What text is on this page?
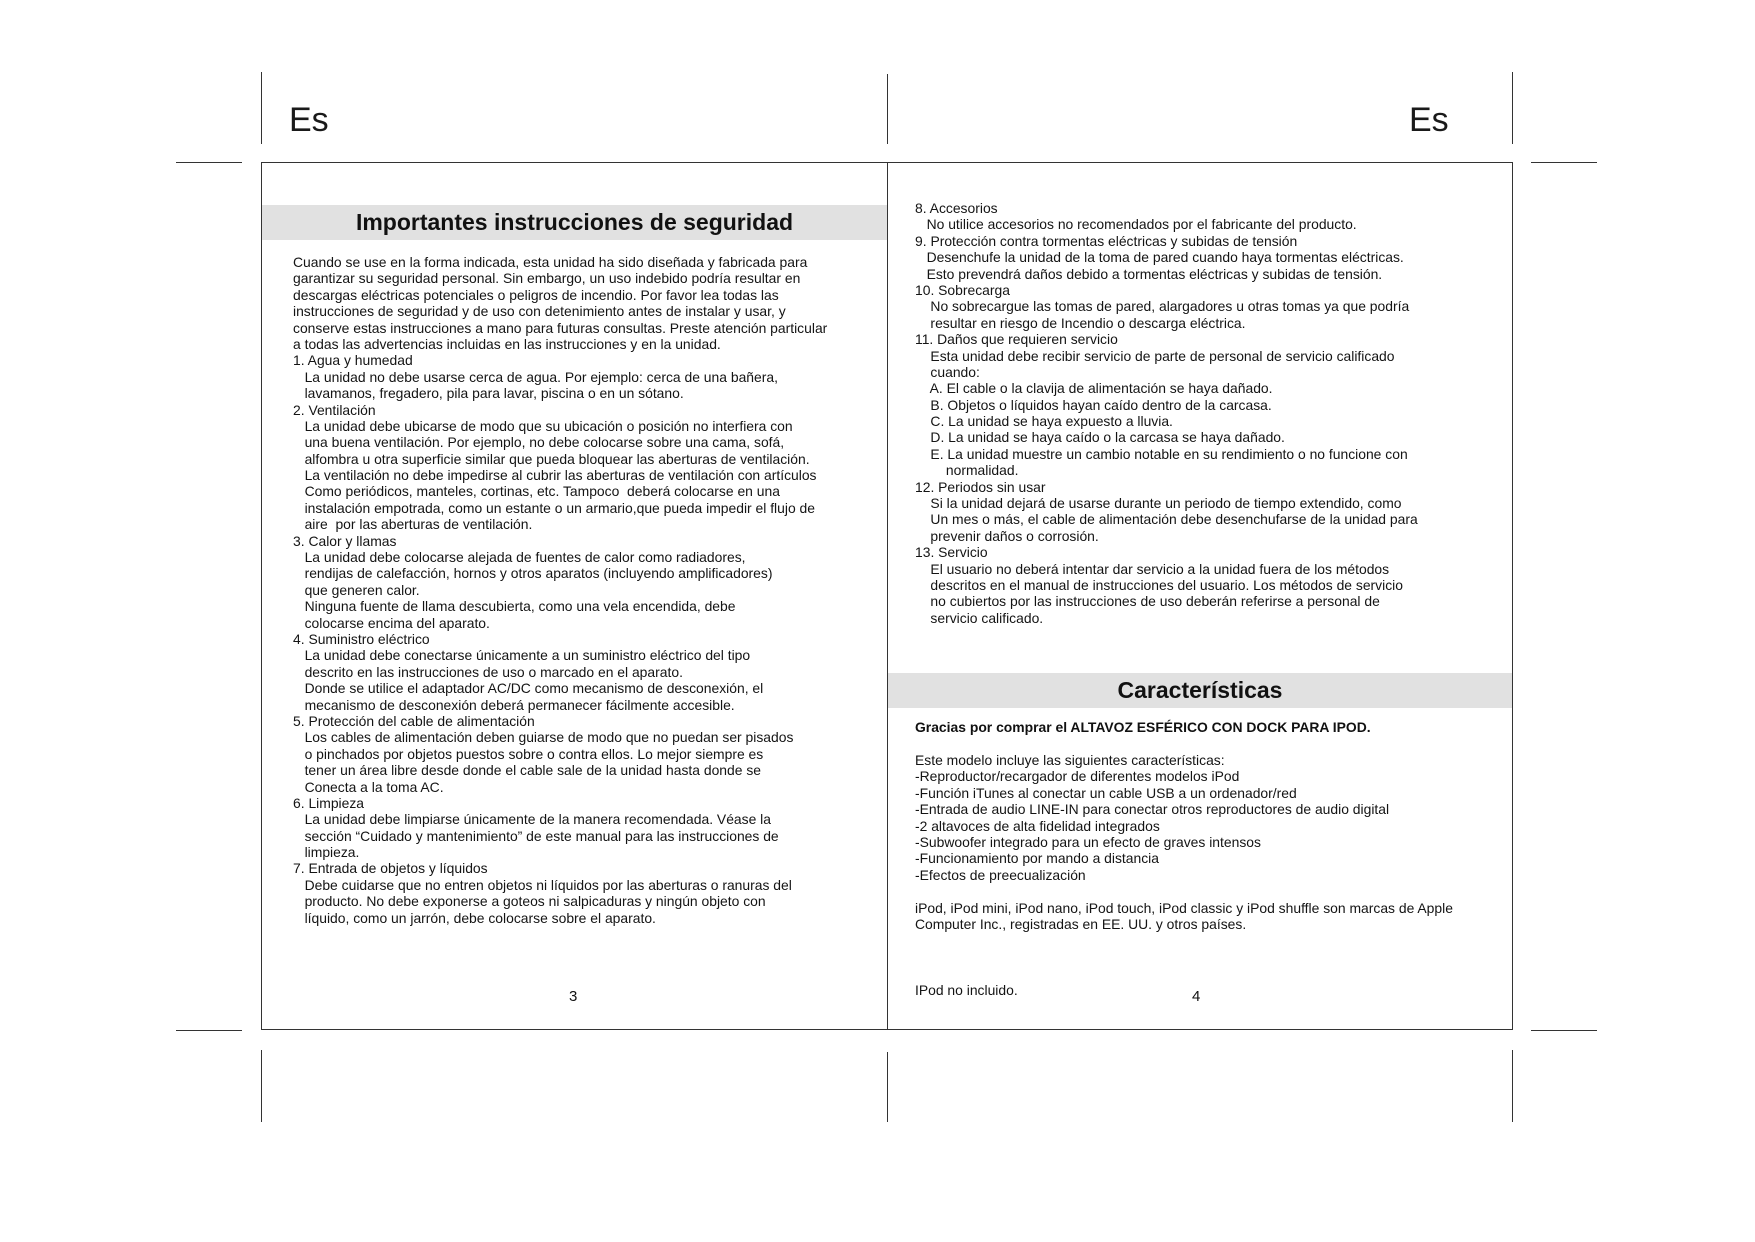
Es	Es
Importantes instrucciones de seguridad
Cuando se use en la forma indicada, esta unidad ha sido diseñada y fabricada para
garantizar su seguridad personal. Sin embargo, un uso indebido podría resultar en
descargas eléctricas potenciales o peligros de incendio. Por favor lea todas las
instrucciones de seguridad y de uso con detenimiento antes de instalar y usar, y
conserve estas instrucciones a mano para futuras consultas. Preste atención particular
a todas las advertencias incluidas en las instrucciones y en la unidad.
1. Agua y humedad
La unidad no debe usarse cerca de agua. Por ejemplo: cerca de una bañera,
lavamanos, fregadero, pila para lavar, piscina o en un sótano.
2. Ventilación
La unidad debe ubicarse de modo que su ubicación o posición no interfiera con
una buena ventilación. Por ejemplo, no debe colocarse sobre una cama, sofá,
alfombra u otra superficie similar que pueda bloquear las aberturas de ventilación.
La ventilación no debe impedirse al cubrir las aberturas de ventilación con artículos
Como periódicos, manteles, cortinas, etc. Tampoco  deberá colocarse en una
instalación empotrada, como un estante o un armario,que pueda impedir el flujo de
aire  por las aberturas de ventilación.
3. Calor y llamas
La unidad debe colocarse alejada de fuentes de calor como radiadores,
rendijas de calefacción, hornos y otros aparatos (incluyendo amplificadores)
que generen calor.
Ninguna fuente de llama descubierta, como una vela encendida, debe
colocarse encima del aparato.
4. Suministro eléctrico
La unidad debe conectarse únicamente a un suministro eléctrico del tipo
descrito en las instrucciones de uso o marcado en el aparato.
Donde se utilice el adaptador AC/DC como mecanismo de desconexión, el
mecanismo de desconexión deberá permanecer fácilmente accesible.
5. Protección del cable de alimentación
Los cables de alimentación deben guiarse de modo que no puedan ser pisados
o pinchados por objetos puestos sobre o contra ellos. Lo mejor siempre es
tener un área libre desde donde el cable sale de la unidad hasta donde se
Conecta a la toma AC.
6. Limpieza
La unidad debe limpiarse únicamente de la manera recomendada. Véase la
sección “Cuidado y mantenimiento” de este manual para las instrucciones de
limpieza.
7. Entrada de objetos y líquidos
Debe cuidarse que no entren objetos ni líquidos por las aberturas o ranuras del
producto. No debe exponerse a goteos ni salpicaduras y ningún objeto con
líquido, como un jarrón, debe colocarse sobre el aparato.
3
8. Accesorios
No utilice accesorios no recomendados por el fabricante del producto.
9. Protección contra tormentas eléctricas y subidas de tensión
Desenchufe la unidad de la toma de pared cuando haya tormentas eléctricas.
Esto prevendrá daños debido a tormentas eléctricas y subidas de tensión.
10. Sobrecarga
No sobrecargue las tomas de pared, alargadores u otras tomas ya que podría
resultar en riesgo de Incendio o descarga eléctrica.
11. Daños que requieren servicio
Esta unidad debe recibir servicio de parte de personal de servicio calificado
cuando:
A. El cable o la clavija de alimentación se haya dañado.
B. Objetos o líquidos hayan caído dentro de la carcasa.
C. La unidad se haya expuesto a lluvia.
D. La unidad se haya caído o la carcasa se haya dañado.
E. La unidad muestre un cambio notable en su rendimiento o no funcione con
normalidad.
12. Periodos sin usar
Si la unidad dejará de usarse durante un periodo de tiempo extendido, como
Un mes o más, el cable de alimentación debe desenchufarse de la unidad para
prevenir daños o corrosión.
13. Servicio
El usuario no deberá intentar dar servicio a la unidad fuera de los métodos
descritos en el manual de instrucciones del usuario. Los métodos de servicio
no cubiertos por las instrucciones de uso deberán referirse a personal de
servicio calificado.
Características
Gracias por comprar el ALTAVOZ ESFÉRICO CON DOCK PARA IPOD.
Este modelo incluye las siguientes características:
-Reproductor/recargador de diferentes modelos iPod
-Función iTunes al conectar un cable USB a un ordenador/red
-Entrada de audio LINE-IN para conectar otros reproductores de audio digital
-2 altavoces de alta fidelidad integrados
-Subwoofer integrado para un efecto de graves intensos
-Funcionamiento por mando a distancia
-Efectos de preecualización
iPod, iPod mini, iPod nano, iPod touch, iPod classic y iPod shuffle son marcas de Apple
Computer Inc., registradas en EE. UU. y otros países.

IPod no incluido.	4
